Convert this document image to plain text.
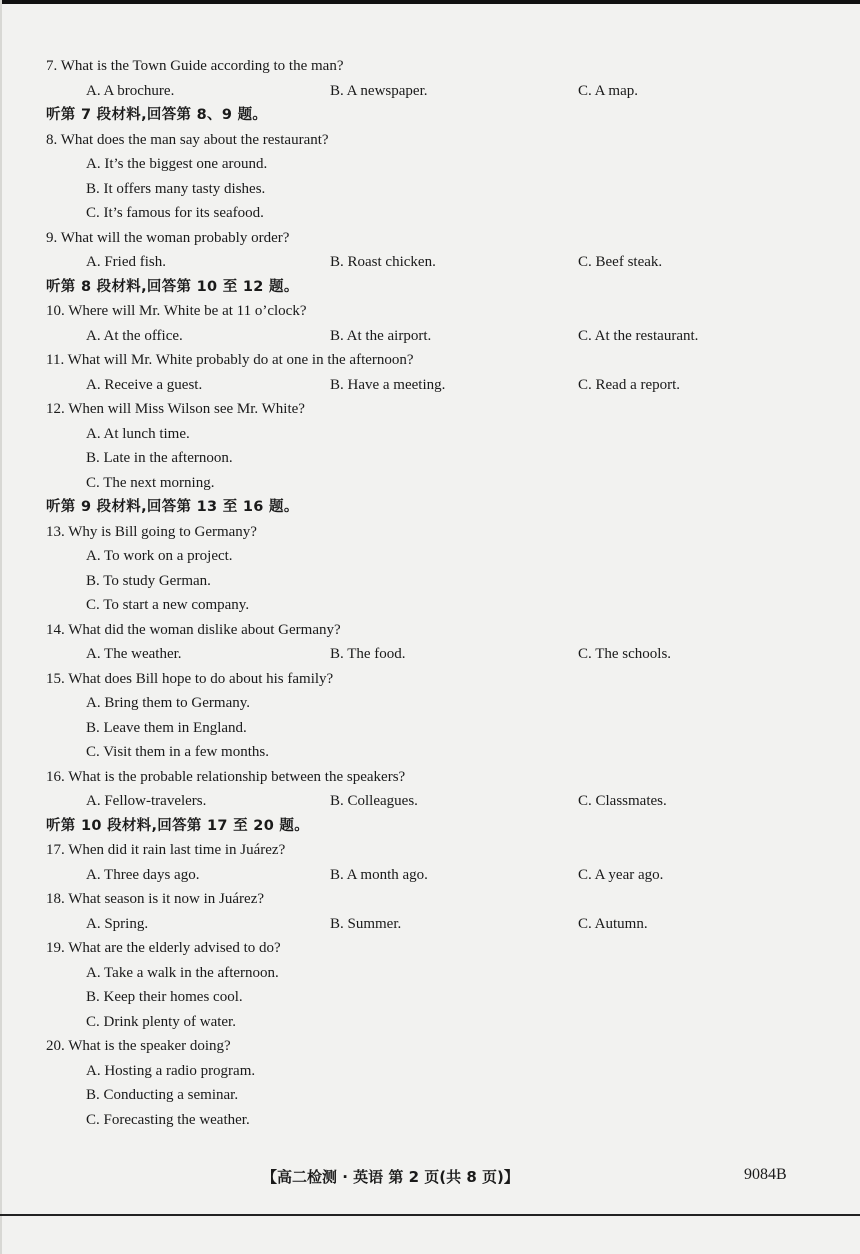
7. What is the Town Guide according to the man?
A. A brochure.	B. A newspaper.	C. A map.
听第 7 段材料,回答第 8、9 题。
8. What does the man say about the restaurant?
A. It’s the biggest one around.
B. It offers many tasty dishes.
C. It’s famous for its seafood.
9. What will the woman probably order?
A. Fried fish.	B. Roast chicken.	C. Beef steak.
听第 8 段材料,回答第 10 至 12 题。
10. Where will Mr. White be at 11 o’clock?
A. At the office.	B. At the airport.	C. At the restaurant.
11. What will Mr. White probably do at one in the afternoon?
A. Receive a guest.	B. Have a meeting.	C. Read a report.
12. When will Miss Wilson see Mr. White?
A. At lunch time.
B. Late in the afternoon.
C. The next morning.
听第 9 段材料,回答第 13 至 16 题。
13. Why is Bill going to Germany?
A. To work on a project.
B. To study German.
C. To start a new company.
14. What did the woman dislike about Germany?
A. The weather.	B. The food.	C. The schools.
15. What does Bill hope to do about his family?
A. Bring them to Germany.
B. Leave them in England.
C. Visit them in a few months.
16. What is the probable relationship between the speakers?
A. Fellow-travelers.	B. Colleagues.	C. Classmates.
听第 10 段材料,回答第 17 至 20 题。
17. When did it rain last time in Juárez?
A. Three days ago.	B. A month ago.	C. A year ago.
18. What season is it now in Juárez?
A. Spring.	B. Summer.	C. Autumn.
19. What are the elderly advised to do?
A. Take a walk in the afternoon.
B. Keep their homes cool.
C. Drink plenty of water.
20. What is the speaker doing?
A. Hosting a radio program.
B. Conducting a seminar.
C. Forecasting the weather.
【高二检测 · 英语 第 2 页(共 8 页)】	9084B
